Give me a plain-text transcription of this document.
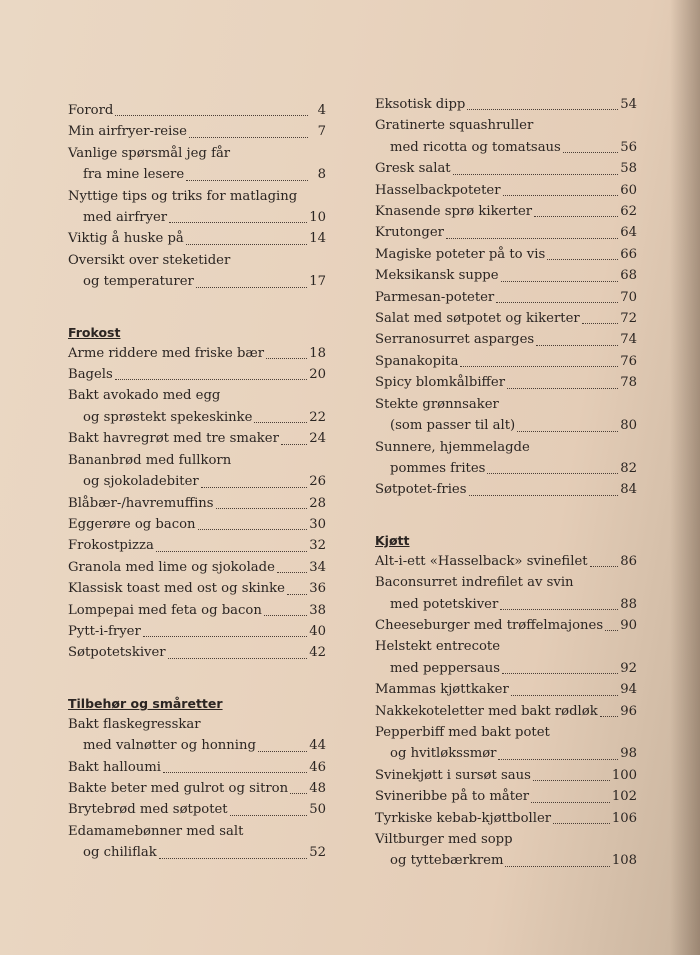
Forord	4
Min airfryer-reise	7
Vanlige spørsmål jeg får
fra mine lesere	8
Nyttige tips og triks for matlaging
med airfryer	10
Viktig å huske på	14
Oversikt over steketider
og temperaturer	17
Frokost
Arme riddere med friske bær	18
Bagels	20
Bakt avokado med egg
og sprøstekt spekeskinke	22
Bakt havregrøt med tre smaker 24
Bananbrød med fullkorn
og sjokoladebiter	26
Blåbær-/havremuffins	28
Eggerøre og bacon	30
Frokostpizza	32
Granola med lime og sjokolade	34
Klassisk toast med ost og skinke 36
Lompepai med feta og bacon	38
Pytt-i-fryer	40
Søtpotetskiver	42
Tilbehør og småretter
Bakt flaskegresskar
med valnøtter og honning	44
Bakt halloumi	46
Bakte beter med gulrot og sitron 48
Brytebrød med søtpotet	50
Edamamebønner med salt
og chiliflak	52
Eksotisk dipp	54
Gratinerte squashruller
med ricotta og tomatsaus	56
Gresk salat	58
Hasselbackpoteter	60
Knasende sprø kikerter	62
Krutonger	64
Magiske poteter på to vis	66
Meksikansk suppe	68
Parmesan-poteter	70
Salat med søtpotet og kikerter	72
Serranosurret asparges	74
Spanakopita	76
Spicy blomkålbiffer	78
Stekte grønnsaker
(som passer til alt)	80
Sunnere, hjemmelagde
pommes frites	82
Søtpotet-fries	84
Kjøtt
Alt-i-ett «Hasselback» svinefilet 86
Baconsurret indrefilet av svin
med potetskiver	88
Cheeseburger med trøffelmajones 90
Helstekt entrecote
med peppersaus	92
Mammas kjøttkaker	94
Nakkekoteletter med bakt rødløk 96
Pepperbiff med bakt potet
og hvitløkssmør	98
Svinekjøtt i sursøt saus	100
Svineribbe på to måter	102
Tyrkiske kebab-kjøttboller	106
Viltburger med sopp
og tyttebærkrem	108
